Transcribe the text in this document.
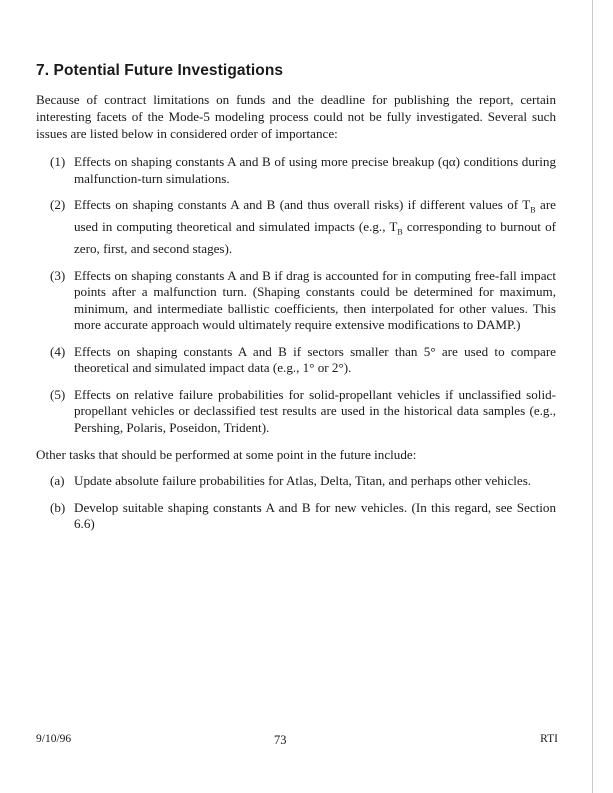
7. Potential Future Investigations

Because of contract limitations on funds and the deadline for publishing the report, certain interesting facets of the Mode-5 modeling process could not be fully investigated. Several such issues are listed below in considered order of importance:

(1) Effects on shaping constants A and B of using more precise breakup (qα) conditions during malfunction-turn simulations.
(2) Effects on shaping constants A and B (and thus overall risks) if different values of $T_B$ are used in computing theoretical and simulated impacts (e.g., $T_B$ corresponding to burnout of zero, first, and second stages).
(3) Effects on shaping constants A and B if drag is accounted for in computing free-fall impact points after a malfunction turn. (Shaping constants could be determined for maximum, minimum, and intermediate ballistic coefficients, then interpolated for other values. This more accurate approach would ultimately require extensive modifications to DAMP.)
(4) Effects on shaping constants A and B if sectors smaller than 5° are used to compare theoretical and simulated impact data (e.g., 1° or 2°).
(5) Effects on relative failure probabilities for solid-propellant vehicles if unclassified solid-propellant vehicles or declassified test results are used in the historical data samples (e.g., Pershing, Polaris, Poseidon, Trident).

Other tasks that should be performed at some point in the future include:

(a) Update absolute failure probabilities for Atlas, Delta, Titan, and perhaps other vehicles.
(b) Develop suitable shaping constants A and B for new vehicles. (In this regard, see Section 6.6)
9/10/96	73	RTI
